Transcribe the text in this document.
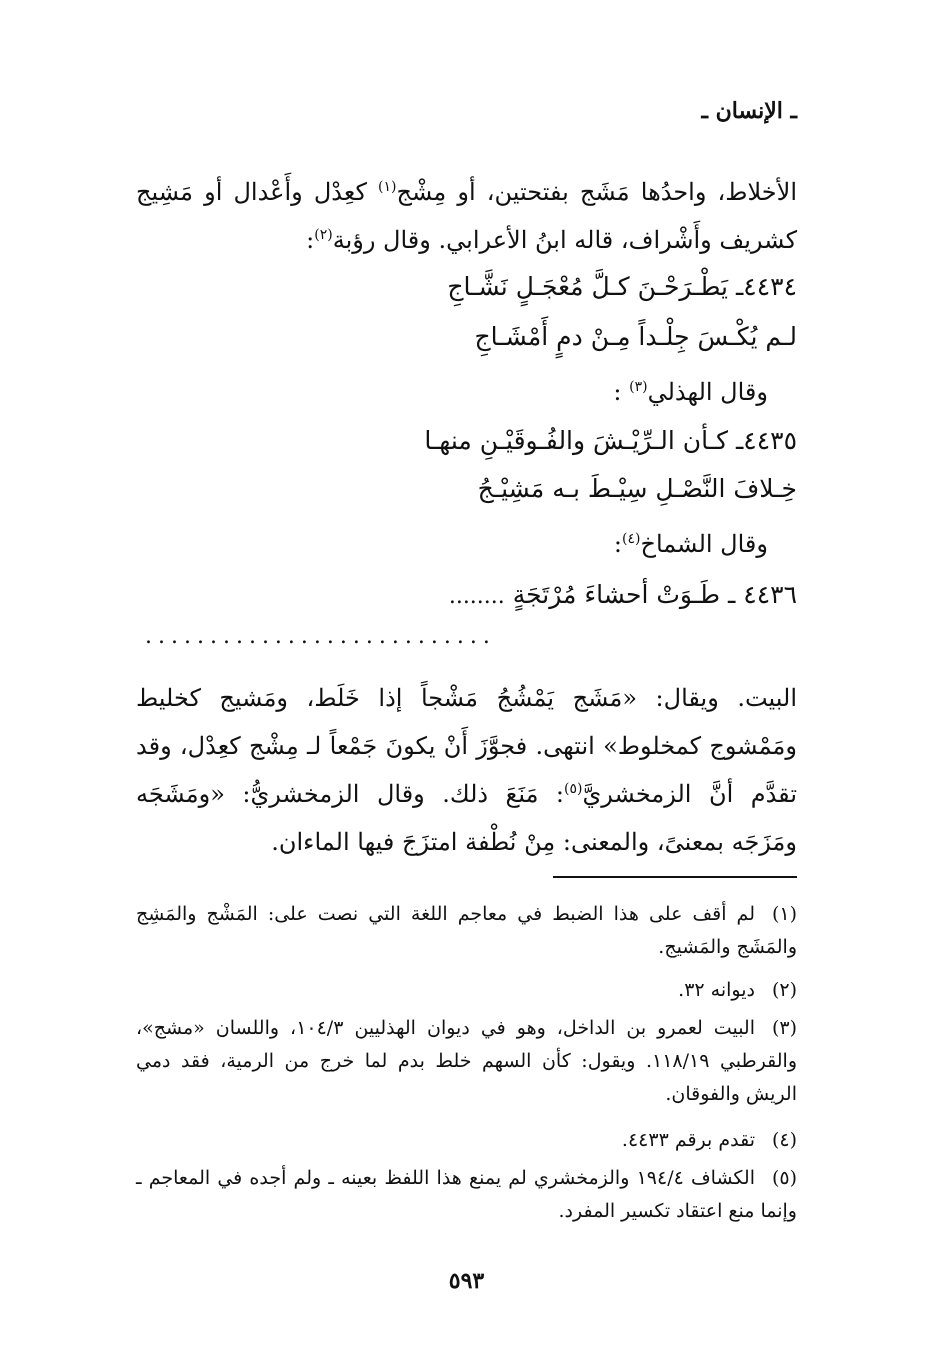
ـ الإنسان ـ
الأخلاط، واحدُها مَشَج بفتحتين، أو مِشْج$^{(١)}$ كعِدْل وأَعْدال أو مَشِيج كشريف وأَشْراف، قاله ابنُ الأعرابي. وقال رؤبة$^{(٢)}$:
٤٤٣٤ـ يَطْـرَحْـنَ كـلَّ مُعْجَـلٍ نَشَّـاجِ
لـم يُكْـسَ جِلْـداً مِـنْ دمٍ أَمْشَـاجِ
وقال الهذلي$^{(٣)}$ :
٤٤٣٥ـ كـأن الـرِّيْـشَ والفُـوقَيْـنِ منهـا
خِـلافَ النَّصْـلِ سِيْـطَ بـه مَشِيْـجُ
وقال الشماخ$^{(٤)}$:
٤٤٣٦ ـ طَـوَتْ أحشاءَ مُرْتَجَةٍ ........
...........................
البيت. ويقال: «مَشَج يَمْشُجُ مَشْجاً إذا خَلَط، ومَشيج كخليط ومَمْشوج كمخلوط» انتهى. فجوَّزَ أَنْ يكونَ جَمْعاً لـ مِشْج كعِدْل، وقد تقدَّم أنَّ الزمخشريَّ$^{(٥)}$: مَنَعَ ذلك. وقال الزمخشريُّ: «ومَشَجَه ومَزَجَه بمعنىً، والمعنى: مِنْ نُطْفة امتزَجَ فيها الماءان.
(١)لم أقف على هذا الضبط في معاجم اللغة التي نصت على: المَشْج والمَشِج والمَشَج والمَشيج.
(٢)ديوانه ٣٢.
(٣)البيت لعمرو بن الداخل، وهو في ديوان الهذليين ١٠٤/٣، واللسان «مشج»، والقرطبي ١١٨/١٩. ويقول: كأن السهم خلط بدم لما خرج من الرمية، فقد دمي الريش والفوقان.
(٤)تقدم برقم ٤٤٣٣.
(٥)الكشاف ١٩٤/٤ والزمخشري لم يمنع هذا اللفظ بعينه ـ ولم أجده في المعاجم ـ وإنما منع اعتقاد تكسير المفرد.
٥٩٣
